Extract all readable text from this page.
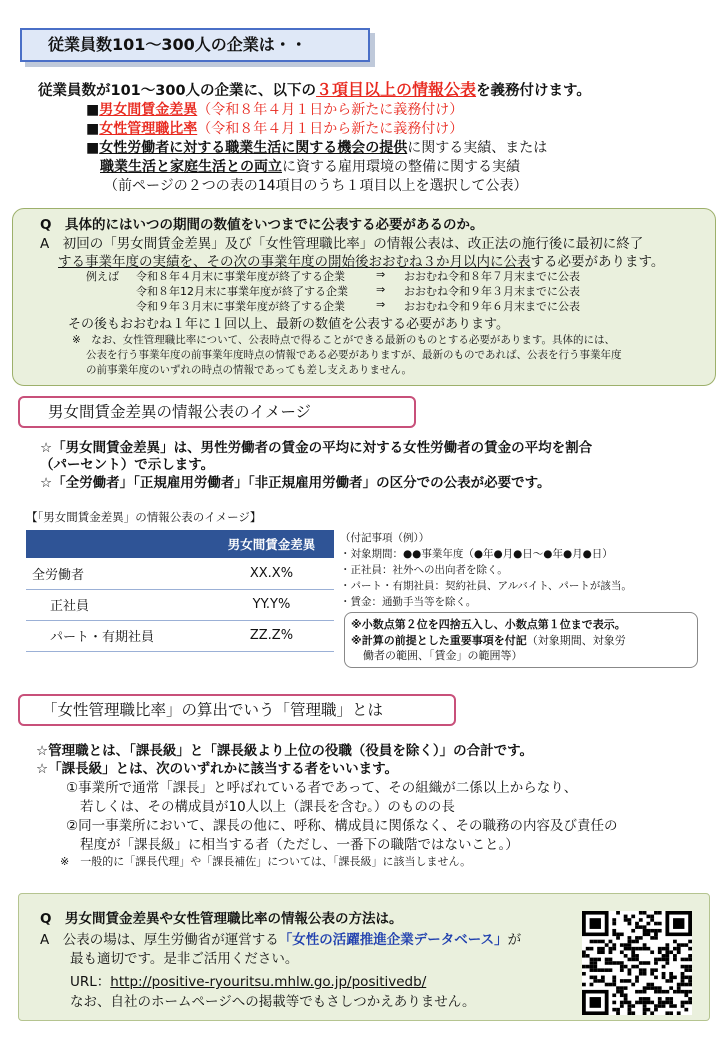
従業員数101～300人の企業は・・
従業員数が101～300人の企業に、以下の３項目以上の情報公表を義務付けます。
■男女間賃金差異（令和８年４月１日から新たに義務付け）
■女性管理職比率（令和８年４月１日から新たに義務付け）
■女性労働者に対する職業生活に関する機会の提供に関する実績、または
職業生活と家庭生活との両立に資する雇用環境の整備に関する実績
（前ページの２つの表の14項目のうち１項目以上を選択して公表）
Q　具体的にはいつの期間の数値をいつまでに公表する必要があるのか。
A　初回の「男女間賃金差異」及び「女性管理職比率」の情報公表は、改正法の施行後に最初に終了
する事業年度の実績を、その次の事業年度の開始後おおむね３か月以内に公表する必要があります。
例えば 令和８年４月末に事業年度が終了する企業	⇒ おおむね令和８年７月末までに公表
令和８年12月末に事業年度が終了する企業	⇒ おおむね令和９年３月末までに公表
令和９年３月末に事業年度が終了する企業	⇒ おおむね令和９年６月末までに公表
その後もおおむね１年に１回以上、最新の数値を公表する必要があります。
※　なお、女性管理職比率について、公表時点で得ることができる最新のものとする必要があります。具体的には、
公表を行う事業年度の前事業年度時点の情報である必要がありますが、最新のものであれば、公表を行う事業年度
の前事業年度のいずれの時点の情報であっても差し支えありません。
男女間賃金差異の情報公表のイメージ
☆「男女間賃金差異」は、男性労働者の賃金の平均に対する女性労働者の賃金の平均を割合
（パーセント）で示します。
☆「全労働者」「正規雇用労働者」「非正規雇用労働者」の区分での公表が必要です。
【「男女間賃金差異」の情報公表のイメージ】
	男女間賃金差異
全労働者	XX.X%
正社員	YY.Y%
パート・有期社員	ZZ.Z%
（付記事項（例））
・対象期間：●●事業年度（●年●月●日～●年●月●日）
・正社員：社外への出向者を除く。
・パート・有期社員：契約社員、アルバイト、パートが該当。
・賃金：通勤手当等を除く。
※小数点第２位を四捨五入し、小数点第１位まで表示。
※計算の前提とした重要事項を付記（対象期間、対象労
働者の範囲、「賃金」の範囲等）
「女性管理職比率」の算出でいう「管理職」とは
☆管理職とは、「課長級」と「課長級より上位の役職（役員を除く）」の合計です。
☆「課長級」とは、次のいずれかに該当する者をいいます。
①事業所で通常「課長」と呼ばれている者であって、その組織が二係以上からなり、
若しくは、その構成員が10人以上（課長を含む。）のものの長
②同一事業所において、課長の他に、呼称、構成員に関係なく、その職務の内容及び責任の
程度が「課長級」に相当する者（ただし、一番下の職階ではないこと。）
※　一般的に「課長代理」や「課長補佐」については、「課長級」に該当しません。
Q　男女間賃金差異や女性管理職比率の情報公表の方法は。
A　公表の場は、厚生労働省が運営する「女性の活躍推進企業データベース」が
最も適切です。是非ご活用ください。
URL：http://positive-ryouritsu.mhlw.go.jp/positivedb/
なお、自社のホームページへの掲載等でもさしつかえありません。
